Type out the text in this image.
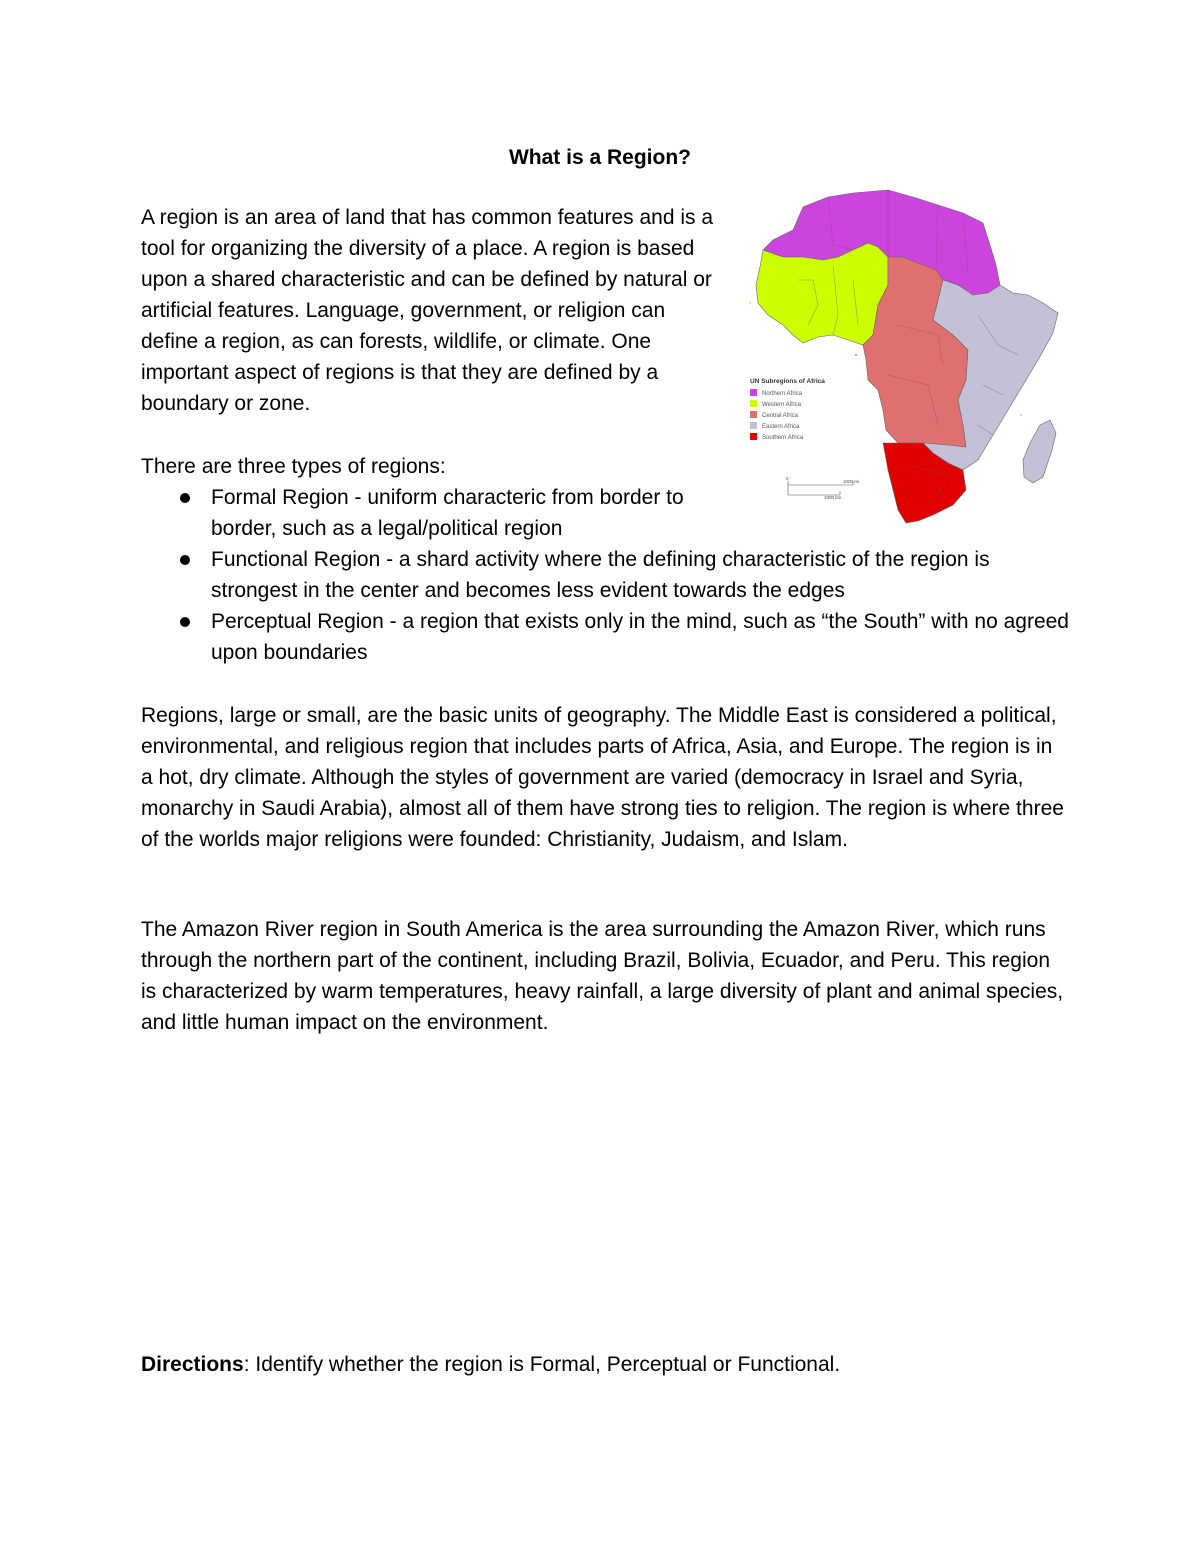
What is a Region?

A region is an area of land that has common features and is a tool for organizing the diversity of a place. A region is based upon a shared characteristic and can be defined by natural or artificial features. Language, government, or religion can define a region, as can forests, wildlife, or climate. One important aspect of regions is that they are defined by a boundary or zone.

UN Subregions of Africa
Northern Africa
Western Africa
Central Africa
Eastern Africa
Southern Africa
0
1000 mi
1000 km

There are three types of regions:

Formal Region - uniform characteric from border to border, such as a legal/political region
Functional Region - a shard activity where the defining characteristic of the region is strongest in the center and becomes less evident towards the edges
Perceptual Region - a region that exists only in the mind, such as “the South” with no agreed upon boundaries

Regions, large or small, are the basic units of geography. The Middle East is considered a political, environmental, and religious region that includes parts of Africa, Asia, and Europe. The region is in a hot, dry climate. Although the styles of government are varied (democracy in Israel and Syria, monarchy in Saudi Arabia), almost all of them have strong ties to religion. The region is where three of the worlds major religions were founded: Christianity, Judaism, and Islam.

The Amazon River region in South America is the area surrounding the Amazon River, which runs through the northern part of the continent, including Brazil, Bolivia, Ecuador, and Peru. This region is characterized by warm temperatures, heavy rainfall, a large diversity of plant and animal species, and little human impact on the environment.

Directions: Identify whether the region is Formal, Perceptual or Functional.
